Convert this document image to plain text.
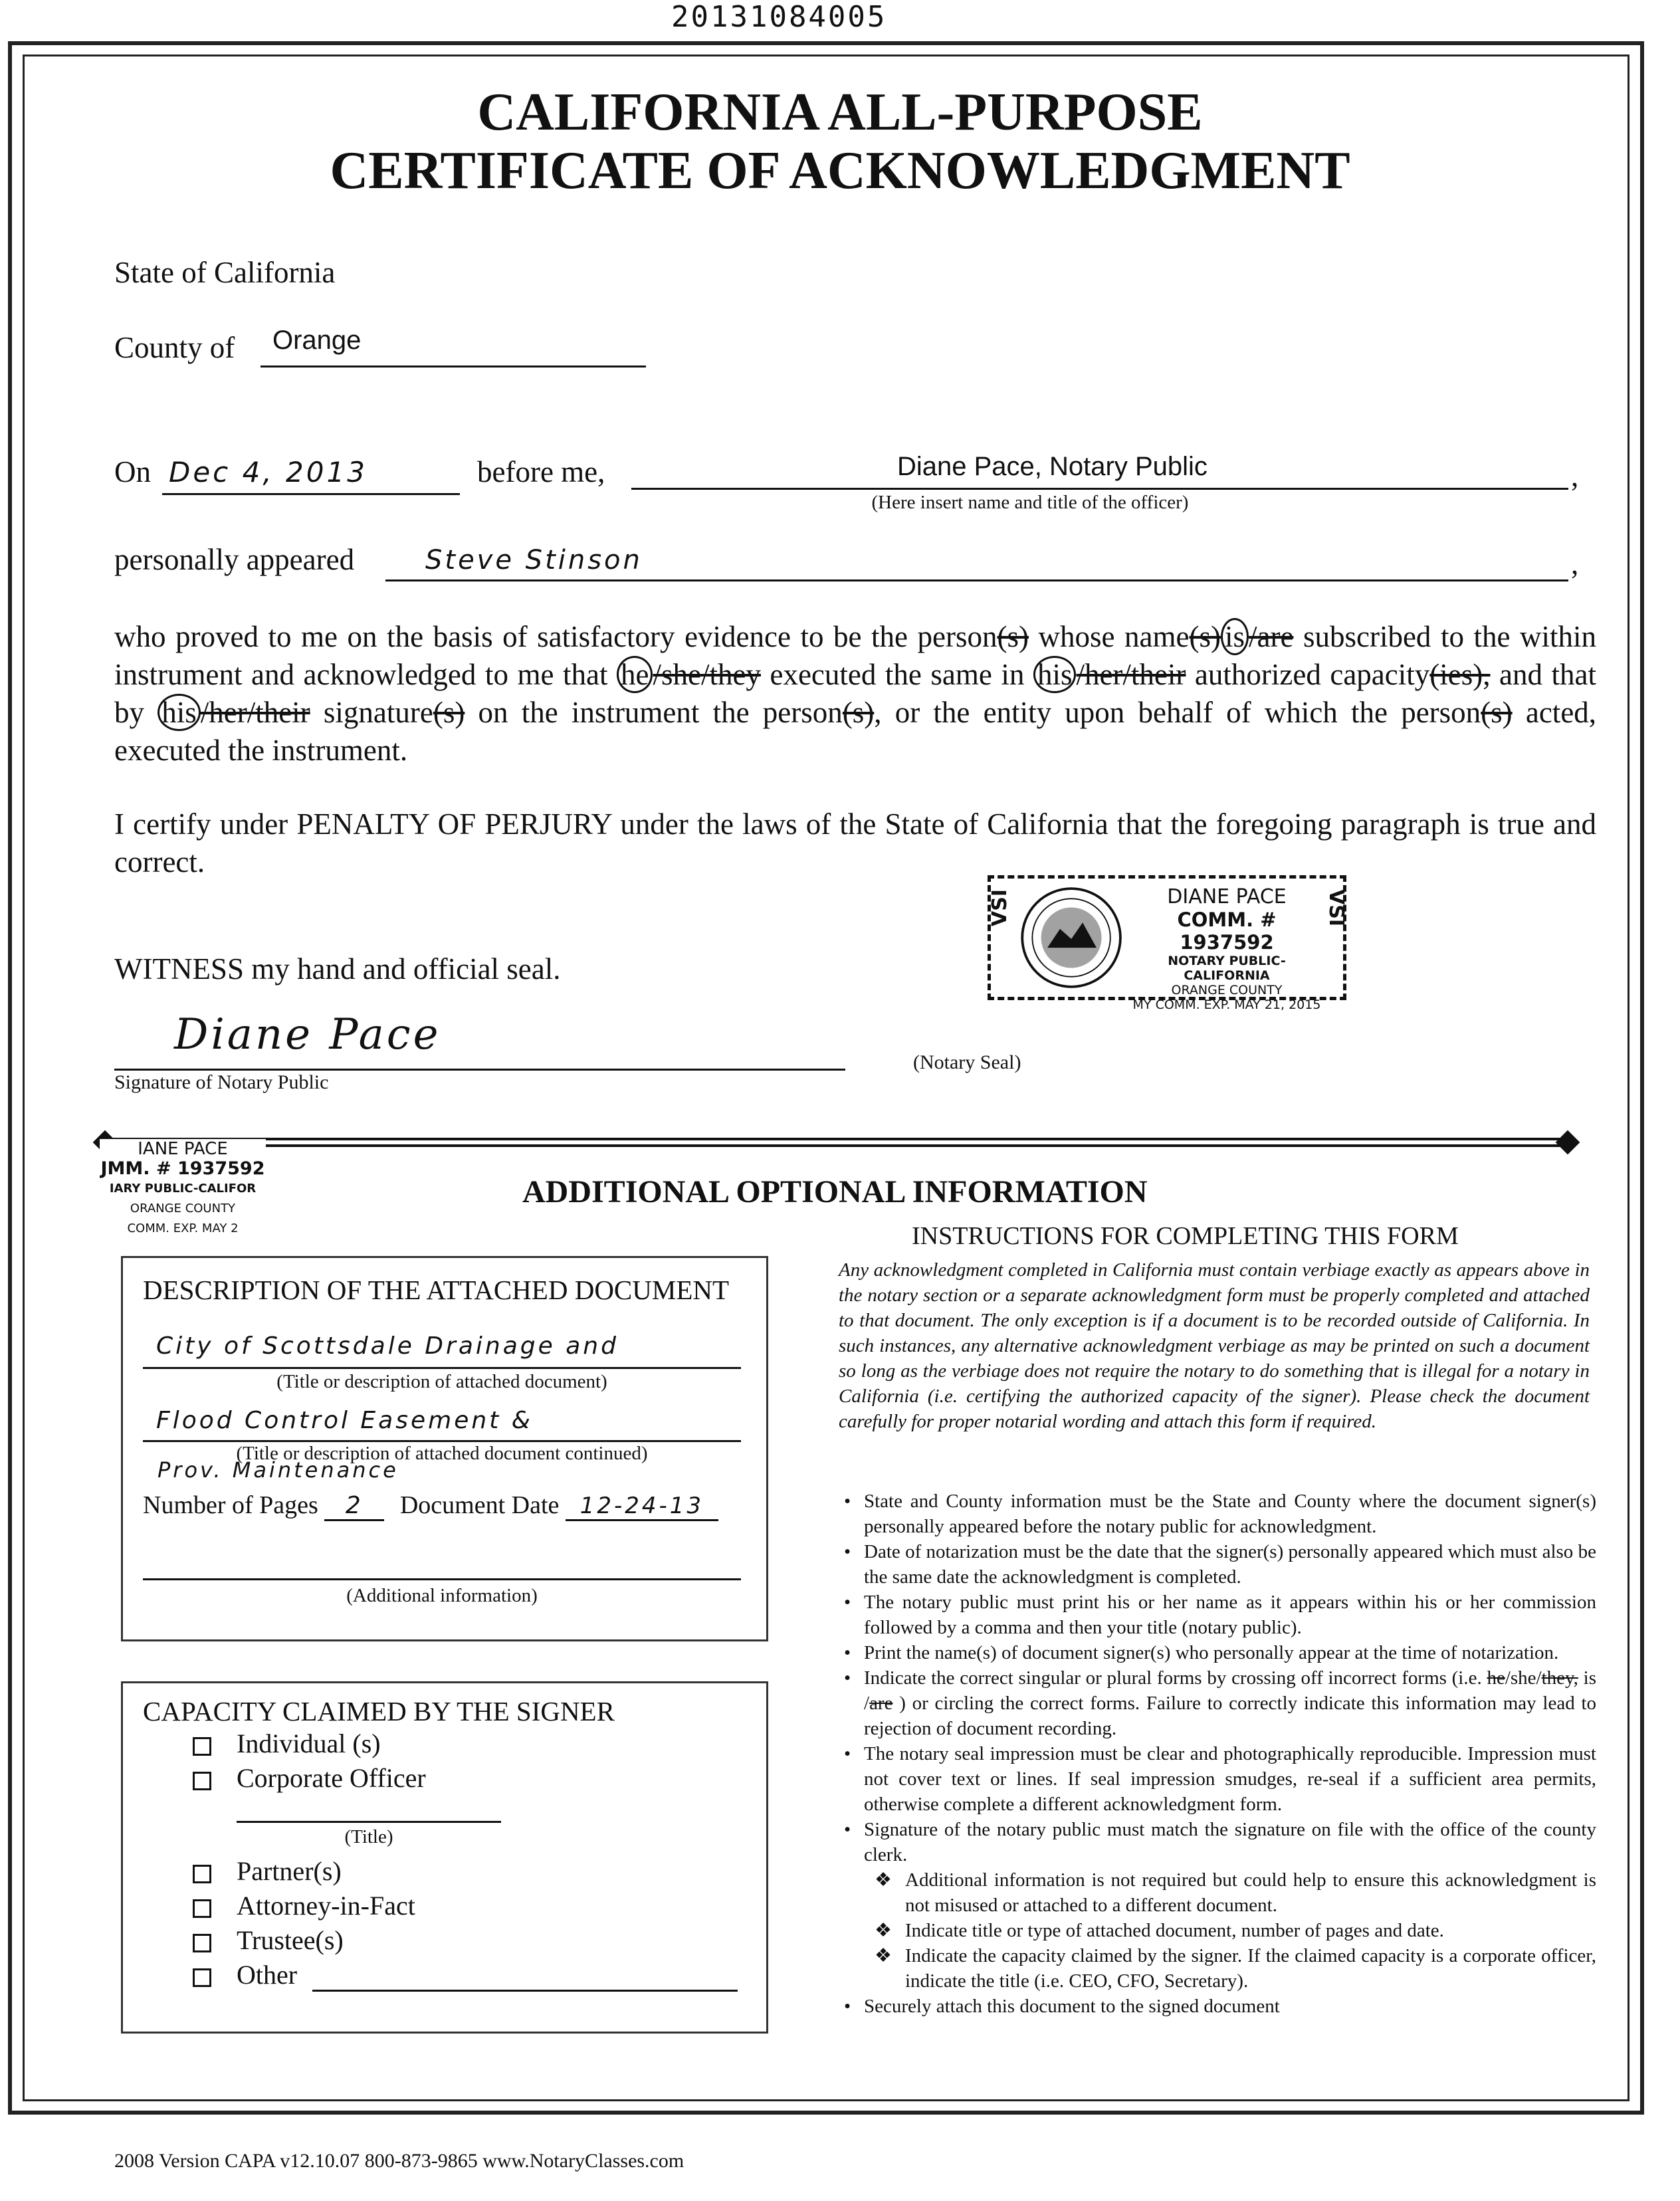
20131084005
CALIFORNIA ALL-PURPOSE
CERTIFICATE OF ACKNOWLEDGMENT
State of California
County of Orange
On Dec 4, 2013	before me,	Diane Pace, Notary Public	,
(Here insert name and title of the officer)
personally appeared	Steve Stinson	,
who proved to me on the basis of satisfactory evidence to be the person(s) whose name(s) is /are subscribed to the within instrument and acknowledged to me that he /she/they executed the same in his /her/their authorized capacity(ies), and that by his /her/their signature(s) on the instrument the person(s), or the entity upon behalf of which the person(s) acted, executed the instrument.
I certify under PENALTY OF PERJURY under the laws of the State of California that the foregoing paragraph is true and correct.
VSI	VSI
DIANE PACE
COMM. # 1937592
NOTARY PUBLIC-CALIFORNIA
ORANGE COUNTY
MY COMM. EXP. MAY 21, 2015
WITNESS my hand and official seal.
Diane Pace
Signature of Notary Public
(Notary Seal)
IANE PACE
JMM. # 1937592
IARY PUBLIC-CALIFOR
ORANGE COUNTY
COMM. EXP. MAY 2
ADDITIONAL OPTIONAL INFORMATION
INSTRUCTIONS FOR COMPLETING THIS FORM
DESCRIPTION OF THE ATTACHED DOCUMENT
City of Scottsdale Drainage and
(Title or description of attached document)
Flood Control Easement &
(Title or description of attached document continued)
Prov. Maintenance
Number of Pages 2 Document Date 12-24-13
(Additional information)
CAPACITY CLAIMED BY THE SIGNER
Individual (s)
Corporate Officer
(Title)
Partner(s)
Attorney-in-Fact
Trustee(s)
Other
Any acknowledgment completed in California must contain verbiage exactly as appears above in the notary section or a separate acknowledgment form must be properly completed and attached to that document. The only exception is if a document is to be recorded outside of California. In such instances, any alternative acknowledgment verbiage as may be printed on such a document so long as the verbiage does not require the notary to do something that is illegal for a notary in California (i.e. certifying the authorized capacity of the signer). Please check the document carefully for proper notarial wording and attach this form if required.
• State and County information must be the State and County where the document signer(s) personally appeared before the notary public for acknowledgment.
• Date of notarization must be the date that the signer(s) personally appeared which must also be the same date the acknowledgment is completed.
• The notary public must print his or her name as it appears within his or her commission followed by a comma and then your title (notary public).
• Print the name(s) of document signer(s) who personally appear at the time of notarization.
• Indicate the correct singular or plural forms by crossing off incorrect forms (i.e. he/she/they, is /are ) or circling the correct forms. Failure to correctly indicate this information may lead to rejection of document recording.
• The notary seal impression must be clear and photographically reproducible. Impression must not cover text or lines. If seal impression smudges, re-seal if a sufficient area permits, otherwise complete a different acknowledgment form.
• Signature of the notary public must match the signature on file with the office of the county clerk.
❖ Additional information is not required but could help to ensure this acknowledgment is not misused or attached to a different document.
❖ Indicate title or type of attached document, number of pages and date.
❖ Indicate the capacity claimed by the signer. If the claimed capacity is a corporate officer, indicate the title (i.e. CEO, CFO, Secretary).
• Securely attach this document to the signed document
2008 Version CAPA v12.10.07 800-873-9865 www.NotaryClasses.com
